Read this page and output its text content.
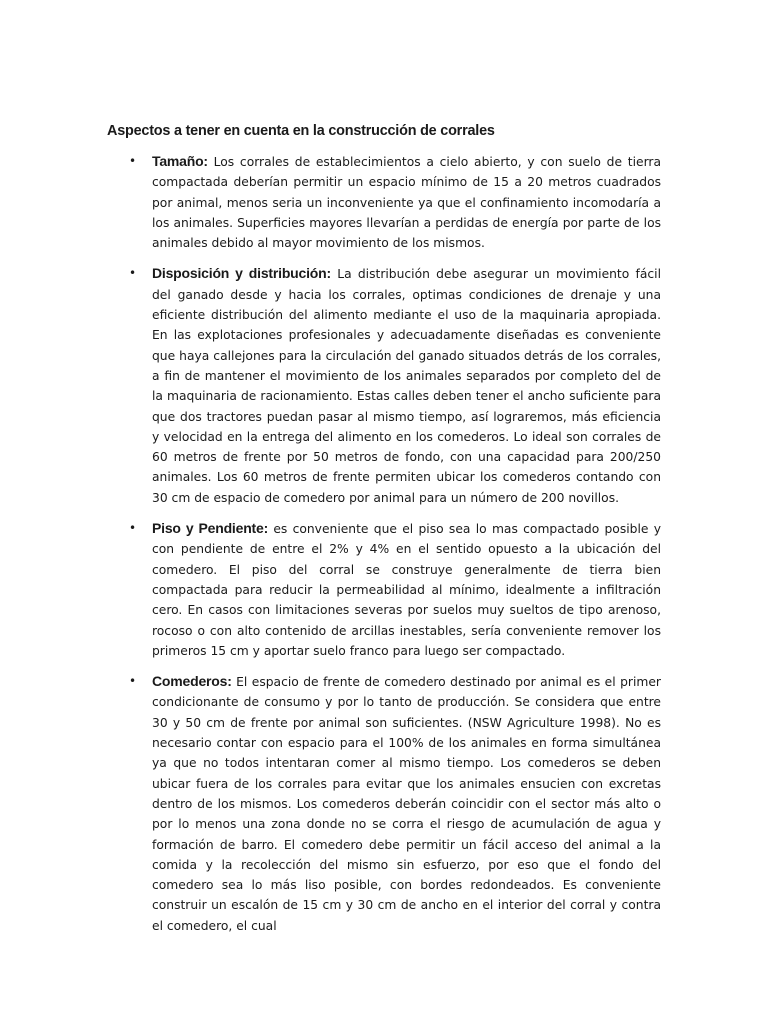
Aspectos a tener en cuenta en la construcción de corrales
• Tamaño: Los corrales de establecimientos a cielo abierto, y con suelo de tierra compactada deberían permitir un espacio mínimo de 15 a 20 metros cuadrados por animal, menos seria un inconveniente ya que el confinamiento incomodaría a los animales. Superficies mayores llevarían a perdidas de energía por parte de los animales debido al mayor movimiento de los mismos.
• Disposición y distribución: La distribución debe asegurar un movimiento fácil del ganado desde y hacia los corrales, optimas condiciones de drenaje y una eficiente distribución del alimento mediante el uso de la maquinaria apropiada. En las explotaciones profesionales y adecuadamente diseñadas es conveniente que haya callejones para la circulación del ganado situados detrás de los corrales, a fin de mantener el movimiento de los animales separados por completo del de la maquinaria de racionamiento. Estas calles deben tener el ancho suficiente para que dos tractores puedan pasar al mismo tiempo, así lograremos, más eficiencia y velocidad en la entrega del alimento en los comederos. Lo ideal son corrales de 60 metros de frente por 50 metros de fondo, con una capacidad para 200/250 animales. Los 60 metros de frente permiten ubicar los comederos contando con 30 cm de espacio de comedero por animal para un número de 200 novillos.
• Piso y Pendiente: es conveniente que el piso sea lo mas compactado posible y con pendiente de entre el 2% y 4% en el sentido opuesto a la ubicación del comedero. El piso del corral se construye generalmente de tierra bien compactada para reducir la permeabilidad al mínimo, idealmente a infiltración cero. En casos con limitaciones severas por suelos muy sueltos de tipo arenoso, rocoso o con alto contenido de arcillas inestables, sería conveniente remover los primeros 15 cm y aportar suelo franco para luego ser compactado.
• Comederos: El espacio de frente de comedero destinado por animal es el primer condicionante de consumo y por lo tanto de producción. Se considera que entre 30 y 50 cm de frente por animal son suficientes. (NSW Agriculture 1998). No es necesario contar con espacio para el 100% de los animales en forma simultánea ya que no todos intentaran comer al mismo tiempo. Los comederos se deben ubicar fuera de los corrales para evitar que los animales ensucien con excretas dentro de los mismos. Los comederos deberán coincidir con el sector más alto o por lo menos una zona donde no se corra el riesgo de acumulación de agua y formación de barro. El comedero debe permitir un fácil acceso del animal a la comida y la recolección del mismo sin esfuerzo, por eso que el fondo del comedero sea lo más liso posible, con bordes redondeados. Es conveniente construir un escalón de 15 cm y 30 cm de ancho en el interior del corral y contra el comedero, el cual
